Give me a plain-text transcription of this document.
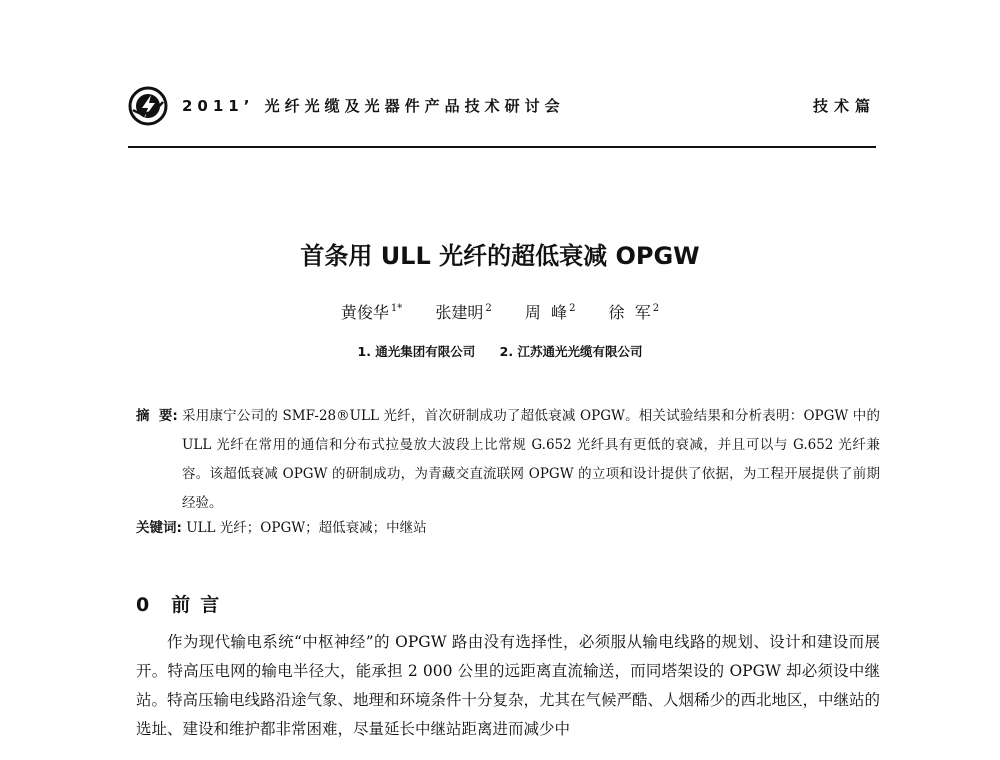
2011’ 光纤光缆及光器件产品技术研讨会	技术篇
首条用 ULL 光纤的超低衰减 OPGW
黄俊华 $^{1*}$ 张建明 $^2$ 周  峰 $^2$ 徐  军 $^2$
1. 通光集团有限公司 2. 江苏通光光缆有限公司
摘  要: 采用康宁公司的 SMF-28®ULL 光纤，首次研制成功了超低衰减 OPGW。相关试验结果和分析表明：OPGW 中的 ULL 光纤在常用的通信和分布式拉曼放大波段上比常规 G.652 光纤具有更低的衰减，并且可以与 G.652 光纤兼容。该超低衰减 OPGW 的研制成功，为青藏交直流联网 OPGW 的立项和设计提供了依据，为工程开展提供了前期经验。
关键词: ULL 光纤；OPGW；超低衰减；中继站
0 前言
作为现代输电系统“中枢神经”的 OPGW 路由没有选择性，必须服从输电线路的规划、设计和建设而展开。特高压电网的输电半径大，能承担 2 000 公里的远距离直流输送，而同塔架设的 OPGW 却必须设中继站。特高压输电线路沿途气象、地理和环境条件十分复杂，尤其在气候严酷、人烟稀少的西北地区，中继站的选址、建设和维护都非常困难，尽量延长中继站距离进而减少中
